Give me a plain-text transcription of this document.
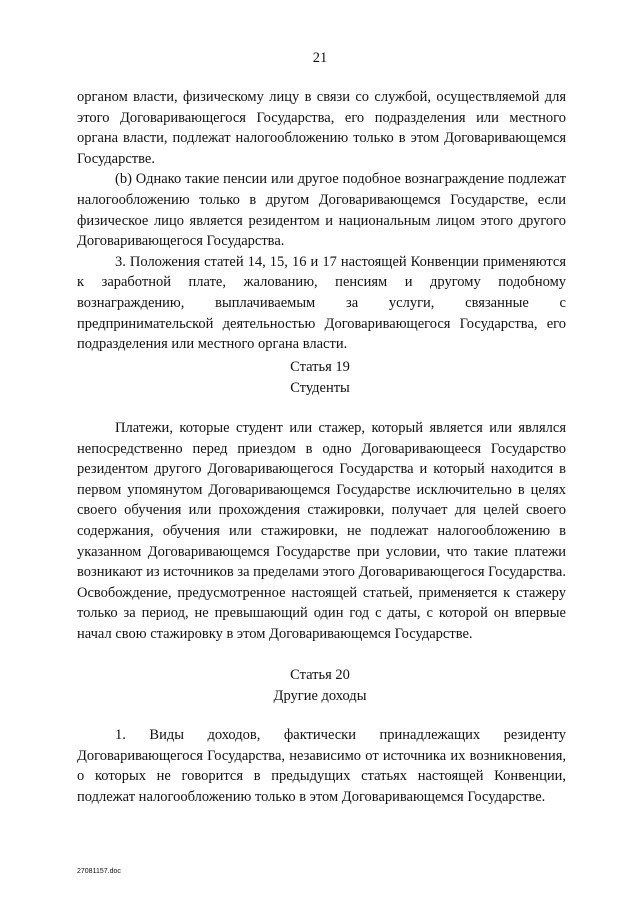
21

органом власти, физическому лицу в связи со службой, осуществляемой для этого Договаривающегося Государства, его подразделения или местного органа власти, подлежат налогообложению только в этом Договаривающемся Государстве.

(b) Однако такие пенсии или другое подобное вознаграждение подлежат налогообложению только в другом Договаривающемся Государстве, если физическое лицо является резидентом и национальным лицом этого другого Договаривающегося Государства.

3. Положения статей 14, 15, 16 и 17 настоящей Конвенции применяются к заработной плате, жалованию, пенсиям и другому подобному вознаграждению, выплачиваемым за услуги, связанные с предпринимательской деятельностью Договаривающегося Государства, его подразделения или местного органа власти.

Статья 19
Студенты

Платежи, которые студент или стажер, который является или являлся непосредственно перед приездом в одно Договаривающееся Государство резидентом другого Договаривающегося Государства и который находится в первом упомянутом Договаривающемся Государстве исключительно в целях своего обучения или прохождения стажировки, получает для целей своего содержания, обучения или стажировки, не подлежат налогообложению в указанном Договаривающемся Государстве при условии, что такие платежи возникают из источников за пределами этого Договаривающегося Государства. Освобождение, предусмотренное настоящей статьей, применяется к стажеру только за период, не превышающий один год с даты, с которой он впервые начал свою стажировку в этом Договаривающемся Государстве.

Статья 20
Другие доходы

1. Виды доходов, фактически принадлежащих резиденту Договаривающегося Государства, независимо от источника их возникновения, о которых не говорится в предыдущих статьях настоящей Конвенции, подлежат налогообложению только в этом Договаривающемся Государстве.

27081157.doc
